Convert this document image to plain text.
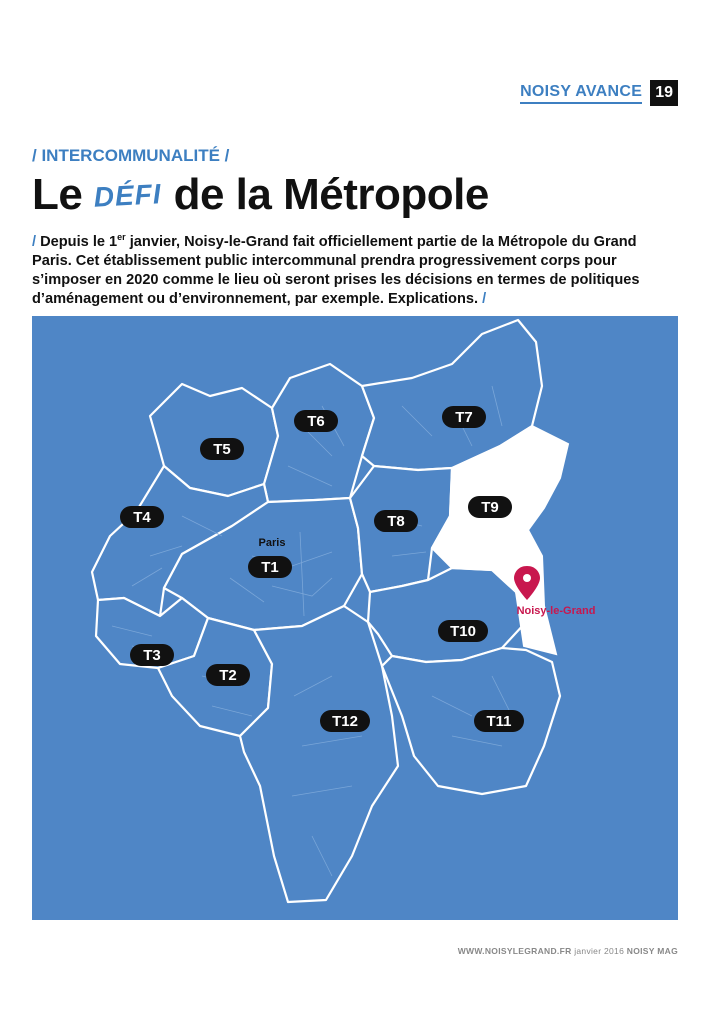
NOISY AVANCE 19
/ INTERCOMMUNALITÉ /
Le DÉFI de la Métropole
/ Depuis le 1er janvier, Noisy-le-Grand fait officiellement partie de la Métropole du Grand Paris. Cet établissement public intercommunal prendra progressivement corps pour s’imposer en 2020 comme le lieu où seront prises les décisions en termes de politiques d’aménagement ou d’environnement, par exemple. Explications. /
T1
T2
T3
T4
T5
T6	T7
T8
T9
T10
T11
T12
Paris
Noisy-le-Grand
WWW.NOISYLEGRAND.FR janvier 2016 NOISY MAG
